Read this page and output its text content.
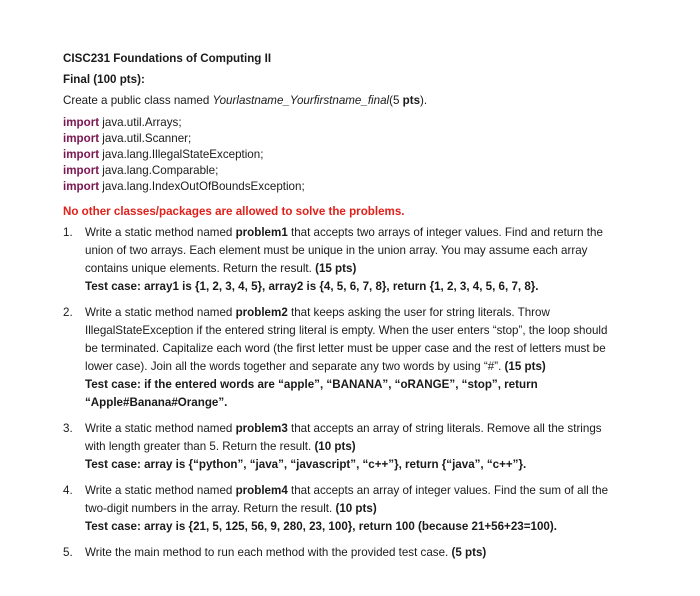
CISC231 Foundations of Computing II

Final (100 pts):

Create a public class named Yourlastname_Yourfirstname_final(5 pts).

import java.util.Arrays;
import java.util.Scanner;
import java.lang.IllegalStateException;
import java.lang.Comparable;
import java.lang.IndexOutOfBoundsException;

No other classes/packages are allowed to solve the problems.

1. Write a static method named problem1 that accepts two arrays of integer values. Find and return the union of two arrays. Each element must be unique in the union array. You may assume each array contains unique elements. Return the result. (15 pts)

Test case: array1 is {1, 2, 3, 4, 5}, array2 is {4, 5, 6, 7, 8}, return {1, 2, 3, 4, 5, 6, 7, 8}.

2. Write a static method named problem2 that keeps asking the user for string literals. Throw IllegalStateException if the entered string literal is empty. When the user enters “stop”, the loop should be terminated. Capitalize each word (the first letter must be upper case and the rest of letters must be lower case). Join all the words together and separate any two words by using “#”. (15 pts)

Test case: if the entered words are “apple”, “BANANA”, “oRANGE”, “stop”, return “Apple#Banana#Orange”.

3. Write a static method named problem3 that accepts an array of string literals. Remove all the strings with length greater than 5. Return the result. (10 pts)

Test case: array is {“python”, “java”, “javascript”, “c++”}, return {“java”, “c++”}.

4. Write a static method named problem4 that accepts an array of integer values. Find the sum of all the two-digit numbers in the array. Return the result. (10 pts)

Test case: array is {21, 5, 125, 56, 9, 280, 23, 100}, return 100 (because 21+56+23=100).

5. Write the main method to run each method with the provided test case. (5 pts)
